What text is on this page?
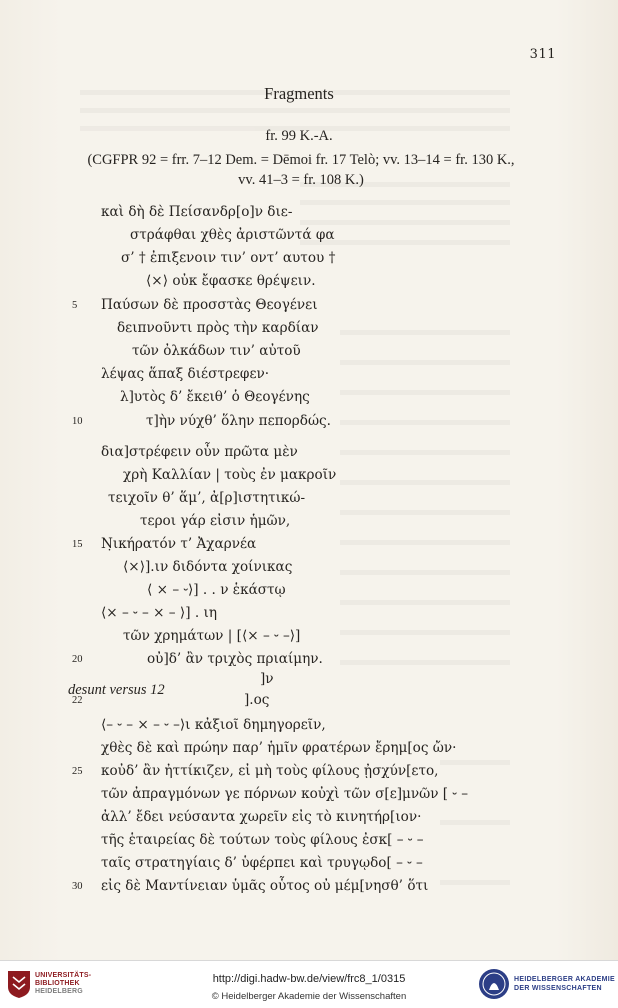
311
Fragments
fr. 99 K.-A.
(CGFPR 92 = frr. 7–12 Dem. = Dēmoi fr. 17 Telò; vv. 13–14 = fr. 130 K.,
vv. 41–3 = fr. 108 K.)
καὶ δὴ δὲ Πείσανδρ[ο]ν διε-
στράφθαι χθὲς ἀριστῶντά φα
σ’ † ἐπιξενοιν τιν’ οντ’ αυτου †
⟨×⟩ οὐκ ἔφασκε θρέψειν.
Παύσων δὲ προσστὰς Θεογένει
5
δειπνοῦντι πρὸς τὴν καρδίαν
τῶν ὀλκάδων τιν’ αὐτοῦ
λέψας ἅπαξ διέστρεφεν·
λ]υτὸς δ’ ἔκειθ’ ὁ Θεογένης
τ]ὴν νύχθ’ ὅλην πεπορδώς.
10
δια]στρέφειν οὖν πρῶτα μὲν
χρὴ Καλλίαν | τοὺς ἐν μακροῖν
τειχοῖν θ’ ἅμ’, ἀ[ρ]ιστητικώ-
τεροι γάρ εἰσιν ἡμῶν,
Ν̣ικήρατόν τ’ Ἀχαρνέα
15
⟨×⟩].ιν διδόντα χοίνικας
⟨ × – ⏑⟩] . . ν ἑκάστῳ
⟨× – ⏑ – × – ⟩] . ιη
τῶν χρημάτων | [⟨× – ⏑ –⟩]
οὐ]δ’ ἂν τριχὸς πριαίμην.
20
]ν
].ος
22
⟨– ⏑ – × – ⏑ –⟩ι κἀξιοῖ δημηγορεῖν,
χθὲς δὲ καὶ πρώην παρ’ ἡμῖν φρατέρων ἔρημ[ος ὤν·
κοὐδ’ ἂν ἠττίκιζεν, εἰ μὴ τοὺς φίλους ᾐσχύν[ετο,
25
τῶν ἀπραγμόνων γε πόρνων κοὐχὶ τῶν σ[ε]μνῶν [ ⏑ –
ἀλλ’ ἔδει νεύσαντα χωρεῖν εἰς τὸ κινητήρ[ιον·
τῆς ἑταιρείας δὲ τούτων τοὺς φίλους ἐσκ[ – ⏑ –
ταῖς στρατηγίαις δ’ ὑφέρπει καὶ τρυγῳδο[ – ⏑ –
εἰς δὲ Μαντίνειαν ὑμᾶς οὗτος οὐ μέμ[νησθ’ ὅτι
30
desunt versus 12
UNIVERSITÄTS-
BIBLIOTHEK
HEIDELBERG
http://digi.hadw-bw.de/view/frc8_1/0315
© Heidelberger Akademie der Wissenschaften
HEIDELBERGER AKADEMIE
DER WISSENSCHAFTEN
